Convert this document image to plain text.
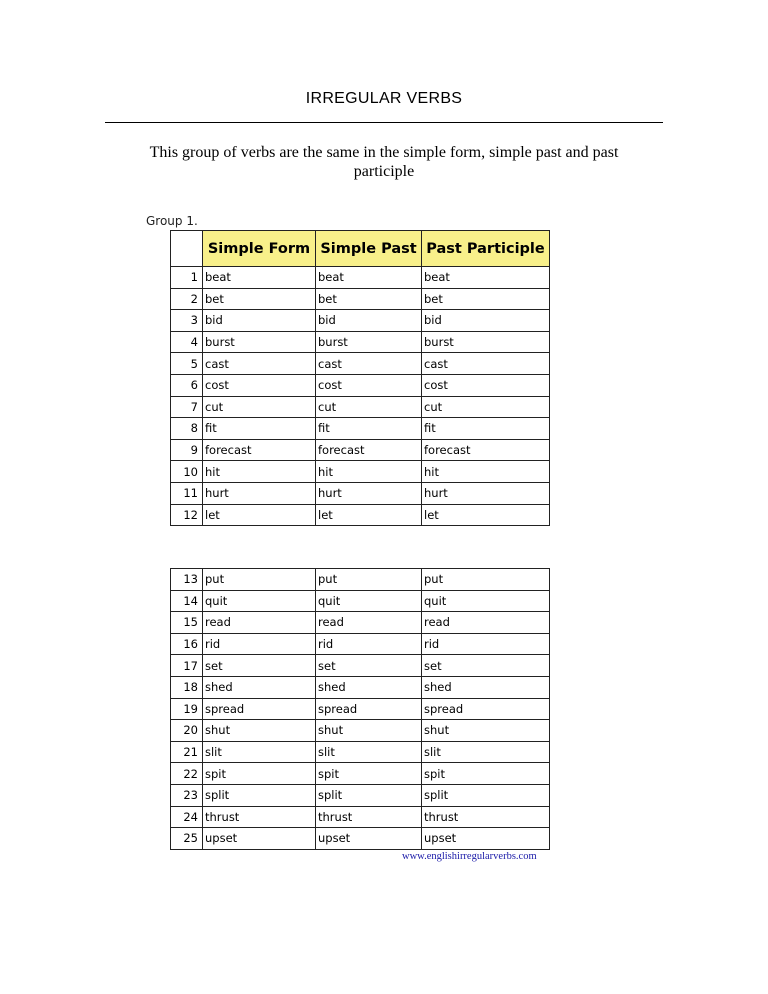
IRREGULAR VERBS
This group of verbs are the same in the simple form, simple past and past participle
Group 1.
	Simple Form	Simple Past	Past Participle
1	beat	beat	beat
2	bet	bet	bet
3	bid	bid	bid
4	burst	burst	burst
5	cast	cast	cast
6	cost	cost	cost
7	cut	cut	cut
8	fit	fit	fit
9	forecast	forecast	forecast
10	hit	hit	hit
11	hurt	hurt	hurt
12	let	let	let
13	put	put	put
14	quit	quit	quit
15	read	read	read
16	rid	rid	rid
17	set	set	set
18	shed	shed	shed
19	spread	spread	spread
20	shut	shut	shut
21	slit	slit	slit
22	spit	spit	spit
23	split	split	split
24	thrust	thrust	thrust
25	upset	upset	upset
www.englishirregularverbs.com
